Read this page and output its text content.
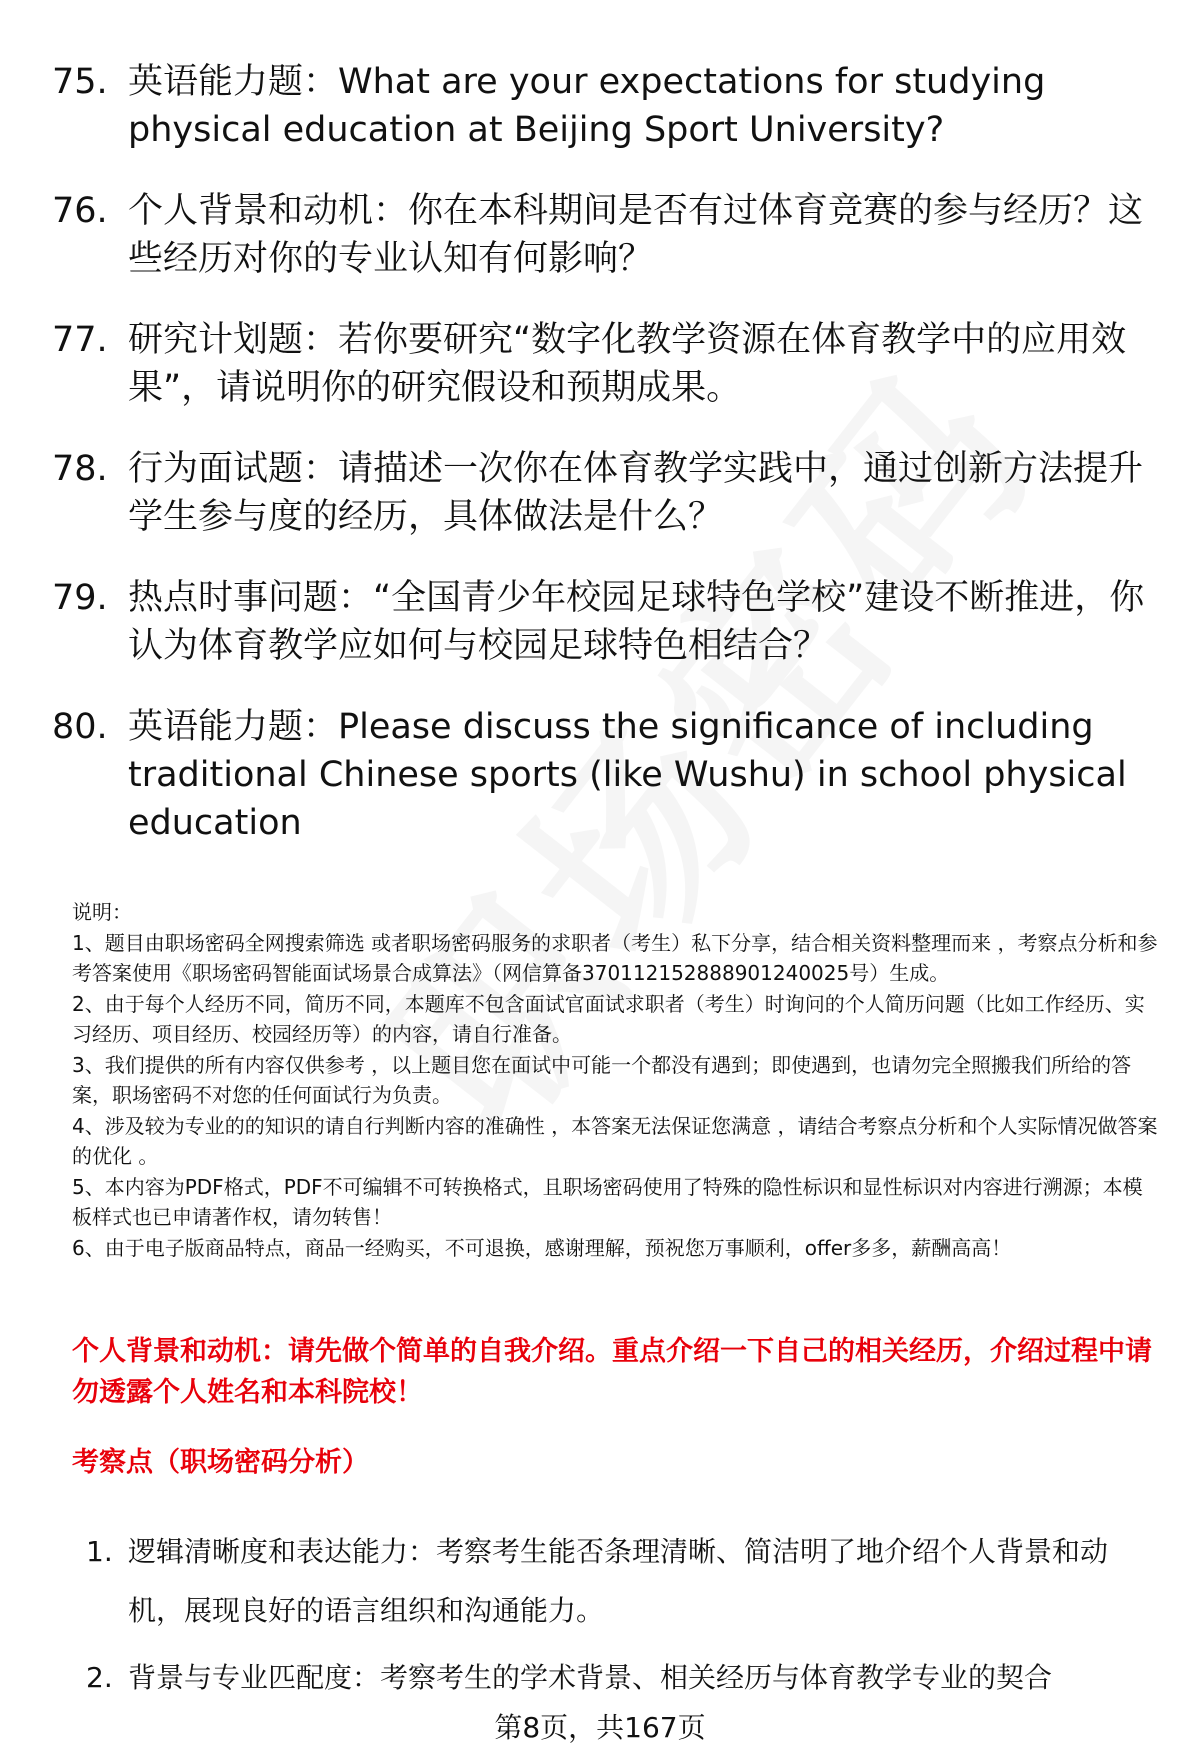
75. 英语能力题：What are your expectations for studying physical education at Beijing Sport University?
76. 个人背景和动机：你在本科期间是否有过体育竞赛的参与经历？这些经历对你的专业认知有何影响？
77. 研究计划题：若你要研究“数字化教学资源在体育教学中的应用效果”，请说明你的研究假设和预期成果。
78. 行为面试题：请描述一次你在体育教学实践中，通过创新方法提升学生参与度的经历，具体做法是什么？
79. 热点时事问题：“全国青少年校园足球特色学校”建设不断推进，你认为体育教学应如何与校园足球特色相结合？
80. 英语能力题：Please discuss the significance of including traditional Chinese sports (like Wushu) in school physical education

说明：

1、题目由职场密码全网搜索筛选 或者职场密码服务的求职者（考生）私下分享，结合相关资料整理而来 ，考察点分析和参考答案使用《职场密码智能面试场景合成算法》（网信算备370112152888901240025号）生成。

2、由于每个人经历不同，简历不同，本题库不包含面试官面试求职者（考生）时询问的个人简历问题（比如工作经历、实习经历、项目经历、校园经历等）的内容，请自行准备。

3、我们提供的所有内容仅供参考 ，以上题目您在面试中可能一个都没有遇到；即使遇到，也请勿完全照搬我们所给的答案，职场密码不对您的任何面试行为负责。

4、涉及较为专业的的知识的请自行判断内容的准确性 ，本答案无法保证您满意 ，请结合考察点分析和个人实际情况做答案的优化 。

5、本内容为PDF格式，PDF不可编辑不可转换格式，且职场密码使用了特殊的隐性标识和显性标识对内容进行溯源；本模板样式也已申请著作权，请勿转售！

6、由于电子版商品特点，商品一经购买，不可退换，感谢理解，预祝您万事顺利，offer多多，薪酬高高！

个人背景和动机：请先做个简单的自我介绍。重点介绍一下自己的相关经历，介绍过程中请勿透露个人姓名和本科院校！
考察点（职场密码分析）
1. 逻辑清晰度和表达能力：考察考生能否条理清晰、简洁明了地介绍个人背景和动机，展现良好的语言组织和沟通能力。
2. 背景与专业匹配度：考察考生的学术背景、相关经历与体育教学专业的契合
第8页，共167页
